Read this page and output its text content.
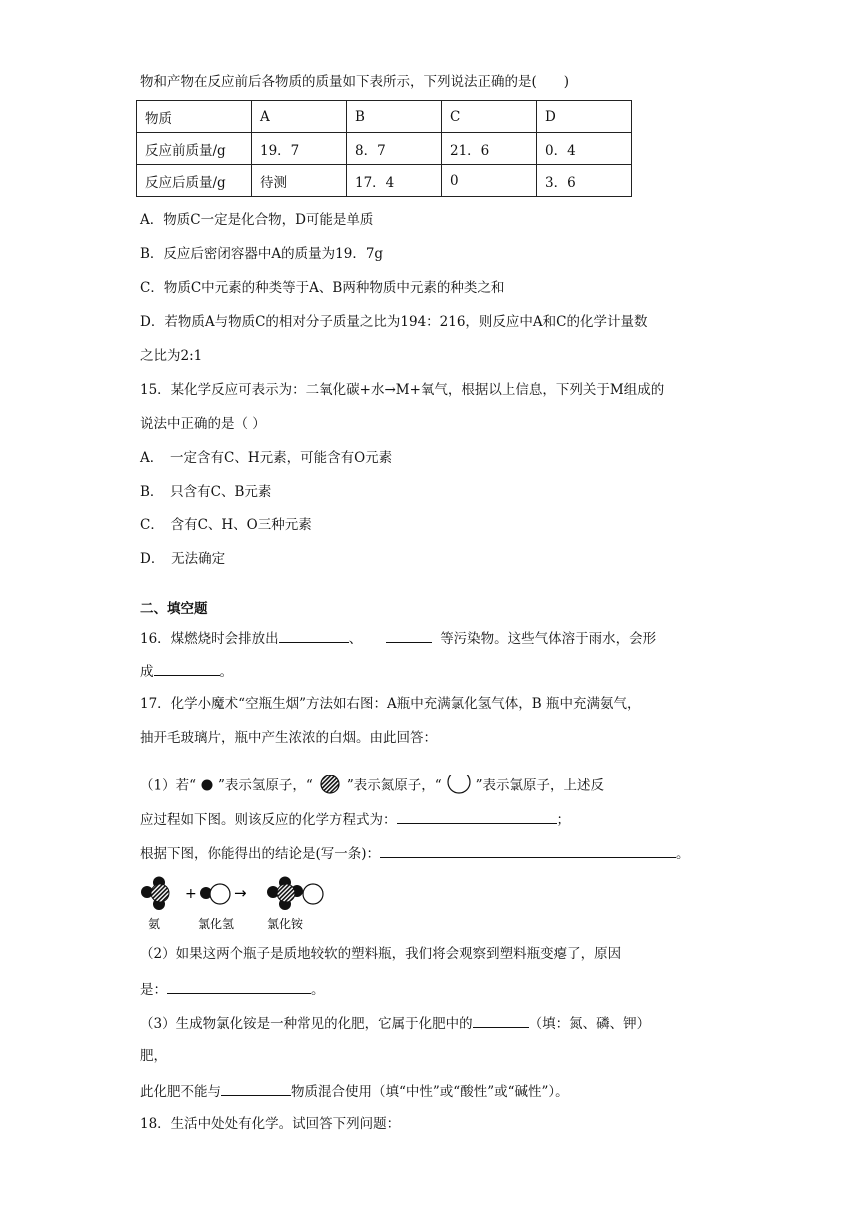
物和产物在反应前后各物质的质量如下表所示，下列说法正确的是(　　)
物质	A	B	C	D
反应前质量/g	19．7	8．7	21．6	0．4
反应后质量/g	待测	17．4	0	3．6
A．物质C一定是化合物，D可能是单质
B．反应后密闭容器中A的质量为19．7g
C．物质C中元素的种类等于A、B两种物质中元素的种类之和
D．若物质A与物质C的相对分子质量之比为194：216，则反应中A和C的化学计量数
之比为2:1
15．某化学反应可表示为：二氧化碳+水→M+氧气，根据以上信息，下列关于M组成的
说法中正确的是（ ）
A．　一定含有C、H元素，可能含有O元素
B．　只含有C、B元素
C．　含有C、H、O三种元素
D．　无法确定
二、填空题
16．煤燃烧时会排放出	、	等污染物。这些气体溶于雨水，会形
成	。
17．化学小魔术“空瓶生烟”方法如右图：A瓶中充满氯化氢气体，B 瓶中充满氨气，
抽开毛玻璃片，瓶中产生浓浓的白烟。由此回答：
（1）若“ ”表示氢原子，“	”表示氮原子，“	”表示氯原子，上述反
应过程如下图。则该反应的化学方程式为：	；
根据下图，你能得出的结论是(写一条)：	。
+ →
氨	氯化氢	氯化铵
（2）如果这两个瓶子是质地较软的塑料瓶，我们将会观察到塑料瓶变瘪了，原因
是：	。
（3）生成物氯化铵是一种常见的化肥，它属于化肥中的	（填：氮、磷、钾）
肥，
此化肥不能与	物质混合使用（填“中性”或“酸性”或“碱性”）。
18．生活中处处有化学。试回答下列问题：
